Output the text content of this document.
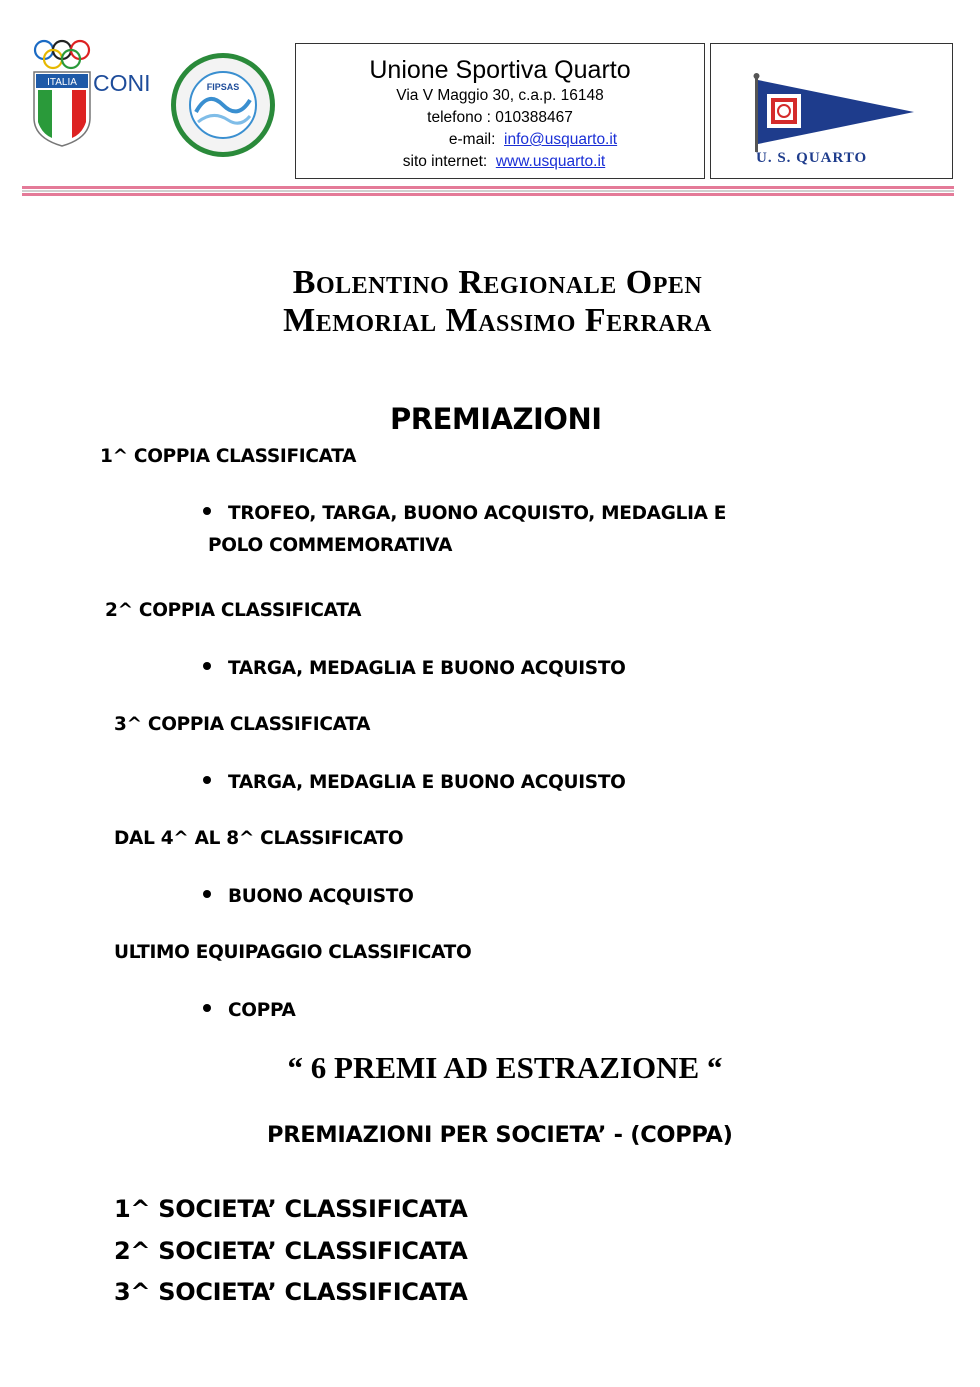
ITALIA CONI	FIPSAS
Unione Sportiva Quarto
Via V Maggio 30, c.a.p. 16148
telefono : 010388467
e-mail: info@usquarto.it
sito internet: www.usquarto.it	U. S. QUARTO
Bolentino Regionale Open
Memorial Massimo Ferrara
PREMIAZIONI
1^ COPPIA CLASSIFICATA
TROFEO, TARGA, BUONO ACQUISTO, MEDAGLIA E
POLO COMMEMORATIVA
2^ COPPIA CLASSIFICATA
TARGA, MEDAGLIA E BUONO ACQUISTO
3^ COPPIA CLASSIFICATA
TARGA, MEDAGLIA E BUONO ACQUISTO
DAL 4^ AL 8^ CLASSIFICATO
BUONO ACQUISTO
ULTIMO EQUIPAGGIO CLASSIFICATO
COPPA
“ 6 PREMI AD ESTRAZIONE “
PREMIAZIONI PER SOCIETA’ - (COPPA)
1^ SOCIETA’ CLASSIFICATA
2^ SOCIETA’ CLASSIFICATA
3^ SOCIETA’ CLASSIFICATA
